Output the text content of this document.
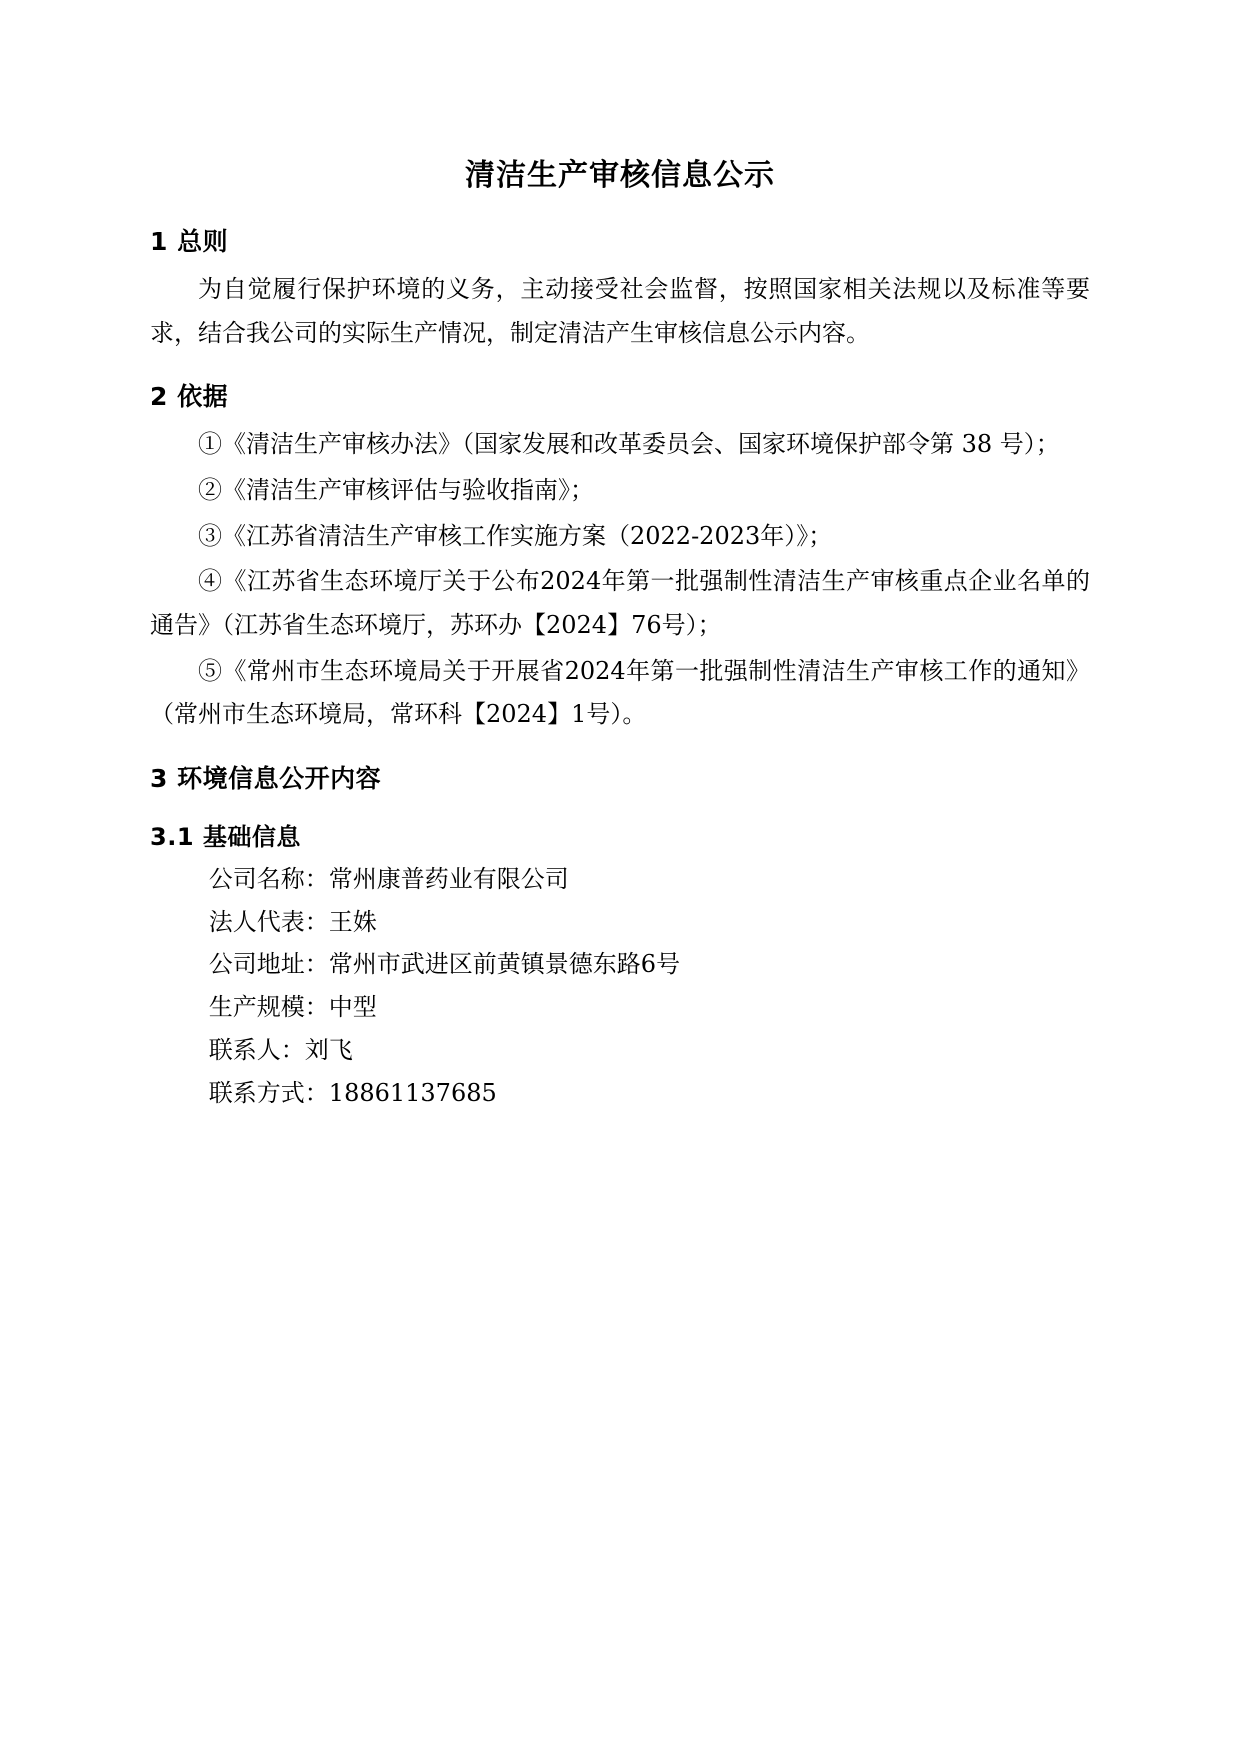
清洁生产审核信息公示
1 总则

为自觉履行保护环境的义务，主动接受社会监督，按照国家相关法规以及标准等要求，结合我公司的实际生产情况，制定清洁产生审核信息公示内容。

2 依据

①《清洁生产审核办法》（国家发展和改革委员会、国家环境保护部令第 38 号）；

②《清洁生产审核评估与验收指南》；

③《江苏省清洁生产审核工作实施方案（2022-2023年）》；

④《江苏省生态环境厅关于公布2024年第一批强制性清洁生产审核重点企业名单的通告》（江苏省生态环境厅，苏环办【2024】76号）；

⑤《常州市生态环境局关于开展省2024年第一批强制性清洁生产审核工作的通知》（常州市生态环境局，常环科【2024】1号）。

3 环境信息公开内容
3.1 基础信息
公司名称：常州康普药业有限公司
法人代表：王姝
公司地址：常州市武进区前黄镇景德东路6号
生产规模：中型
联系人：刘飞
联系方式：18861137685
